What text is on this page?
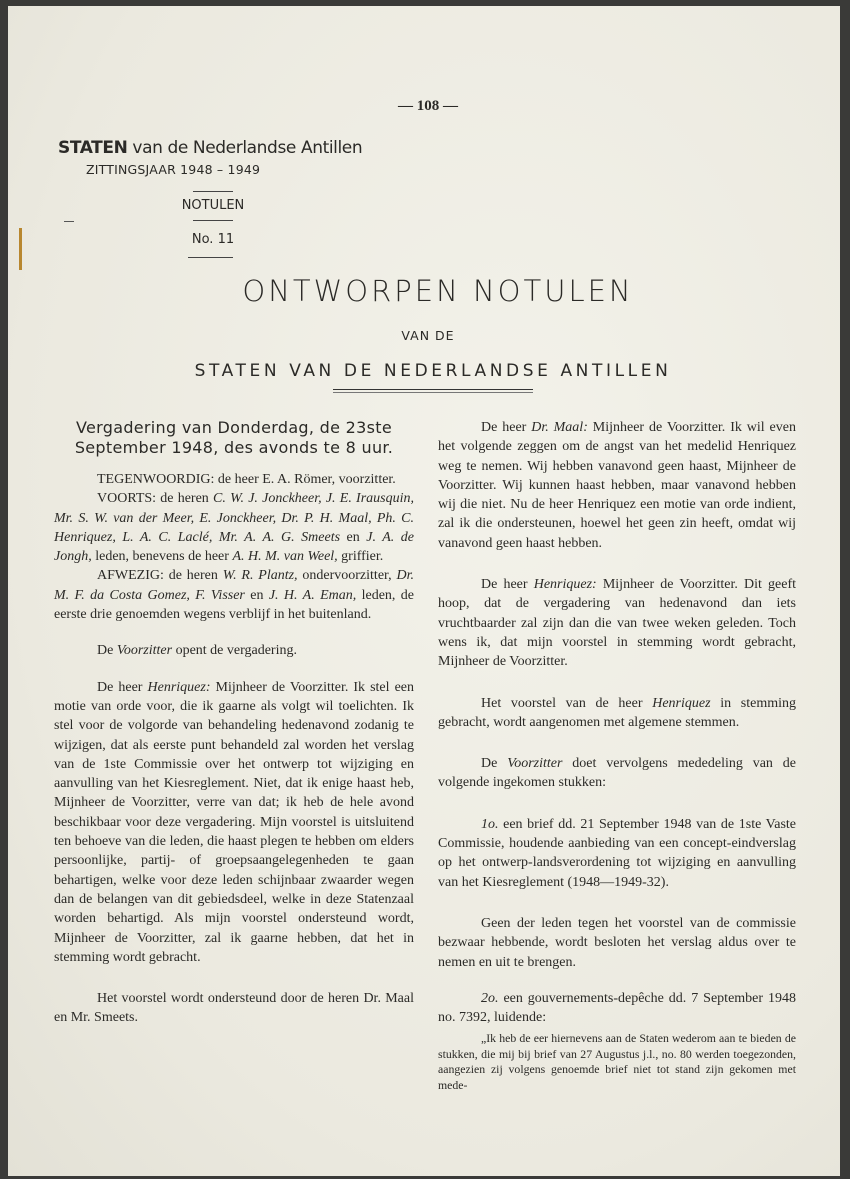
— 108 —
STATEN van de Nederlandse Antillen
ZITTINGSJAAR 1948 – 1949
NOTULEN
No. 11
ONTWORPEN NOTULEN
VAN DE
STATEN VAN DE NEDERLANDSE ANTILLEN
Vergadering van Donderdag, de 23ste September 1948, des avonds te 8 uur.

TEGENWOORDIG: de heer E. A. Römer, voorzitter.

VOORTS: de heren C. W. J. Jonckheer, J. E. Irausquin, Mr. S. W. van der Meer, E. Jonckheer, Dr. P. H. Maal, Ph. C. Henriquez, L. A. C. Laclé, Mr. A. A. G. Smeets en J. A. de Jongh, leden, benevens de heer A. H. M. van Weel, griffier.

AFWEZIG: de heren W. R. Plantz, ondervoorzitter, Dr. M. F. da Costa Gomez, F. Visser en J. H. A. Eman, leden, de eerste drie genoemden wegens verblijf in het buitenland.

De Voorzitter opent de vergadering.

De heer Henriquez: Mijnheer de Voorzitter. Ik stel een motie van orde voor, die ik gaarne als volgt wil toelichten. Ik stel voor de volgorde van behandeling hedenavond zodanig te wijzigen, dat als eerste punt behandeld zal worden het verslag van de 1ste Commissie over het ontwerp tot wijziging en aanvulling van het Kiesreglement. Niet, dat ik enige haast heb, Mijnheer de Voorzitter, verre van dat; ik heb de hele avond beschikbaar voor deze vergadering. Mijn voorstel is uitsluitend ten behoeve van die leden, die haast plegen te hebben om elders persoonlijke, partij- of groepsaangelegenheden te gaan behartigen, welke voor deze leden schijnbaar zwaarder wegen dan de belangen van dit gebiedsdeel, welke in deze Statenzaal worden behartigd. Als mijn voorstel ondersteund wordt, Mijnheer de Voorzitter, zal ik gaarne hebben, dat het in stemming wordt gebracht.

Het voorstel wordt ondersteund door de heren Dr. Maal en Mr. Smeets.

De heer Dr. Maal: Mijnheer de Voorzitter. Ik wil even het volgende zeggen om de angst van het medelid Henriquez weg te nemen. Wij hebben vanavond geen haast, Mijnheer de Voorzitter. Wij kunnen haast hebben, maar vanavond hebben wij die niet. Nu de heer Henriquez een motie van orde indient, zal ik die ondersteunen, hoewel het geen zin heeft, omdat wij vanavond geen haast hebben.

De heer Henriquez: Mijnheer de Voorzitter. Dit geeft hoop, dat de vergadering van hedenavond dan iets vruchtbaarder zal zijn dan die van twee weken geleden. Toch wens ik, dat mijn voorstel in stemming wordt gebracht, Mijnheer de Voorzitter.

Het voorstel van de heer Henriquez in stemming gebracht, wordt aangenomen met algemene stemmen.

De Voorzitter doet vervolgens mededeling van de volgende ingekomen stukken:

1o. een brief dd. 21 September 1948 van de 1ste Vaste Commissie, houdende aanbieding van een concept-eindverslag op het ontwerp-landsverordening tot wijziging en aanvulling van het Kiesreglement (1948—1949-32).

Geen der leden tegen het voorstel van de commissie bezwaar hebbende, wordt besloten het verslag aldus over te nemen en uit te brengen.

2o. een gouvernements-depêche dd. 7 September 1948 no. 7392, luidende:

„Ik heb de eer hiernevens aan de Staten wederom aan te bieden de stukken, die mij bij brief van 27 Augustus j.l., no. 80 werden toegezonden, aangezien zij volgens genoemde brief niet tot stand zijn gekomen met mede-
